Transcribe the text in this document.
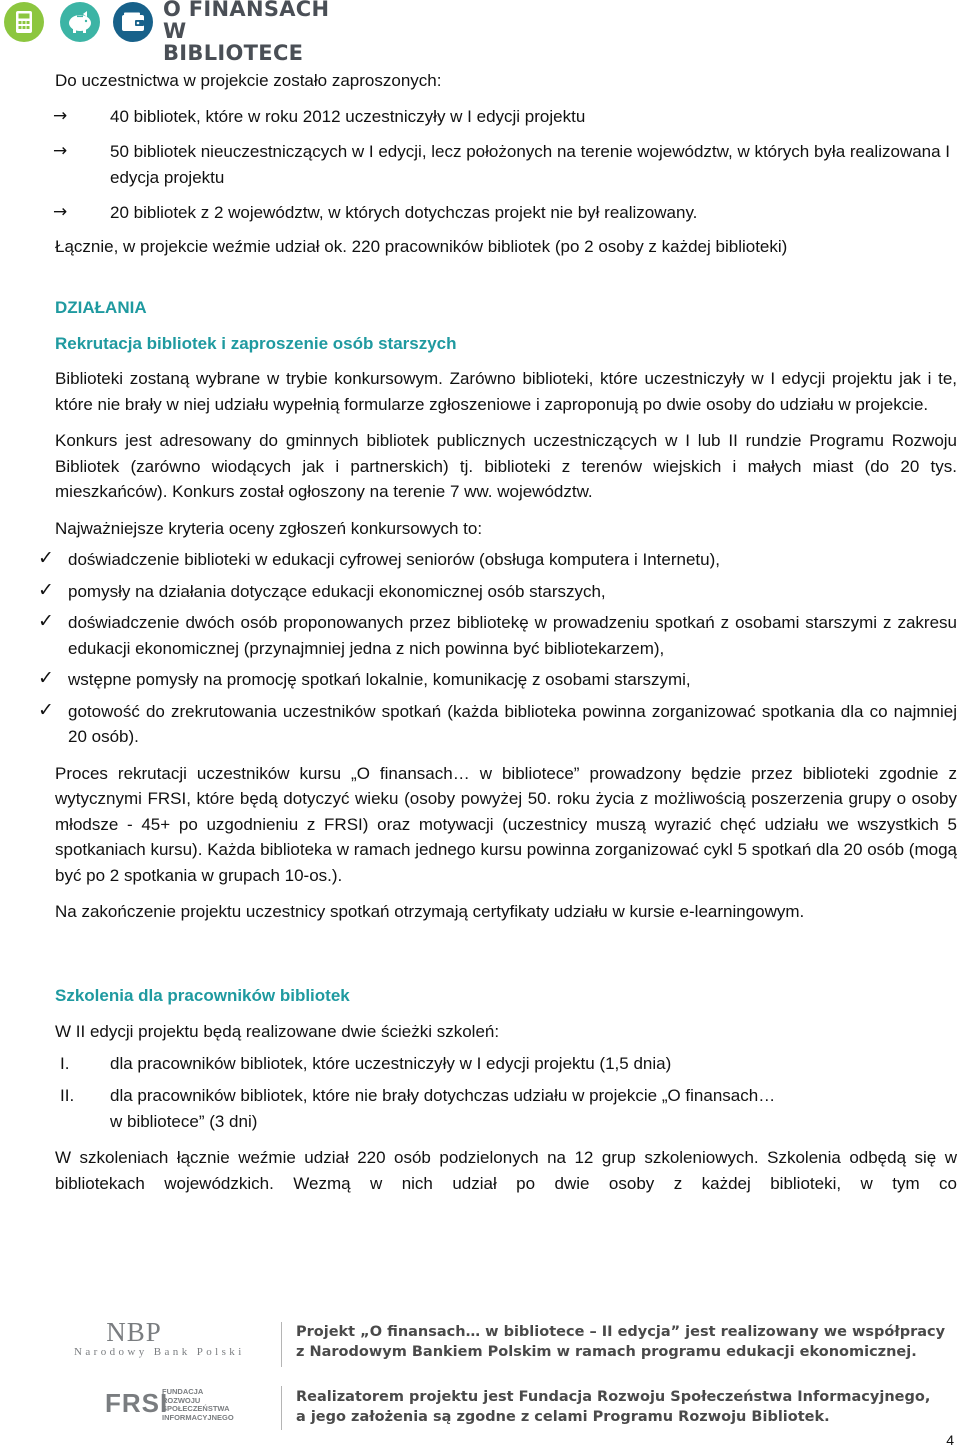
O FINANSACH
W BIBLIOTECE

Do uczestnictwa w projekcie zostało zaproszonych:

→	40 bibliotek, które w roku 2012 uczestniczyły w I edycji projektu

→	50 bibliotek nieuczestniczących w I edycji, lecz położonych na terenie województw, w których była realizowana I edycja projektu

→	20 bibliotek z 2 województw, w których dotychczas projekt nie był realizowany.

Łącznie, w projekcie weźmie udział ok. 220 pracowników bibliotek (po 2 osoby z każdej biblioteki)

DZIAŁANIA

Rekrutacja bibliotek i zaproszenie osób starszych

Biblioteki zostaną wybrane w trybie konkursowym. Zarówno biblioteki, które uczestniczyły w I edycji projektu jak i te, które nie brały w niej udziału wypełnią formularze zgłoszeniowe i zaproponują po dwie osoby do udziału w projekcie.

Konkurs jest adresowany do gminnych bibliotek publicznych uczestniczących w I lub II rundzie Programu Rozwoju Bibliotek (zarówno wiodących jak i partnerskich) tj. biblioteki z terenów wiejskich i małych miast (do 20 tys. mieszkańców). Konkurs został ogłoszony na terenie 7 ww. województw.

Najważniejsze kryteria oceny zgłoszeń konkursowych to:

✓ doświadczenie biblioteki w edukacji cyfrowej seniorów (obsługa komputera i Internetu),

✓ pomysły na działania dotyczące edukacji ekonomicznej osób starszych,

✓ doświadczenie dwóch osób proponowanych przez bibliotekę w prowadzeniu spotkań z osobami starszymi z zakresu edukacji ekonomicznej (przynajmniej jedna z nich powinna być bibliotekarzem),

✓ wstępne pomysły na promocję spotkań lokalnie, komunikację z osobami starszymi,

✓ gotowość do zrekrutowania uczestników spotkań (każda biblioteka powinna zorganizować spotkania dla co najmniej 20 osób).

Proces rekrutacji uczestników kursu „O finansach… w bibliotece” prowadzony będzie przez biblioteki zgodnie z wytycznymi FRSI, które będą dotyczyć wieku (osoby powyżej 50. roku życia z możliwością poszerzenia grupy o osoby młodsze - 45+ po uzgodnieniu z FRSI) oraz motywacji (uczestnicy muszą wyrazić chęć udziału we wszystkich 5 spotkaniach kursu). Każda biblioteka w ramach jednego kursu powinna zorganizować cykl 5 spotkań dla 20 osób (mogą być po 2 spotkania w grupach 10-os.).

Na zakończenie projektu uczestnicy spotkań otrzymają certyfikaty udziału w kursie e-learningowym.

Szkolenia dla pracowników bibliotek

W II edycji projektu będą realizowane dwie ścieżki szkoleń:

I. dla pracowników bibliotek, które uczestniczyły w I edycji projektu (1,5 dnia)

II. dla pracowników bibliotek, które nie brały dotychczas udziału w projekcie „O finansach…
w bibliotece” (3 dni)

W szkoleniach łącznie weźmie udział 220 osób podzielonych na 12 grup szkoleniowych. Szkolenia odbędą się w bibliotekach wojewódzkich. Wezmą w nich udział po dwie osoby z każdej biblioteki, w tym co

NBP
Narodowy Bank Polski
Projekt „O finansach… w bibliotece – II edycja” jest realizowany we współpracy
z Narodowym Bankiem Polskim w ramach programu edukacji ekonomicznej.
FRSI
FUNDACJA
ROZWOJU
SPOŁECZEŃSTWA
INFORMACYJNEGO
Realizatorem projektu jest Fundacja Rozwoju Społeczeństwa Informacyjnego,
a jego założenia są zgodne z celami Programu Rozwoju Bibliotek.
4
